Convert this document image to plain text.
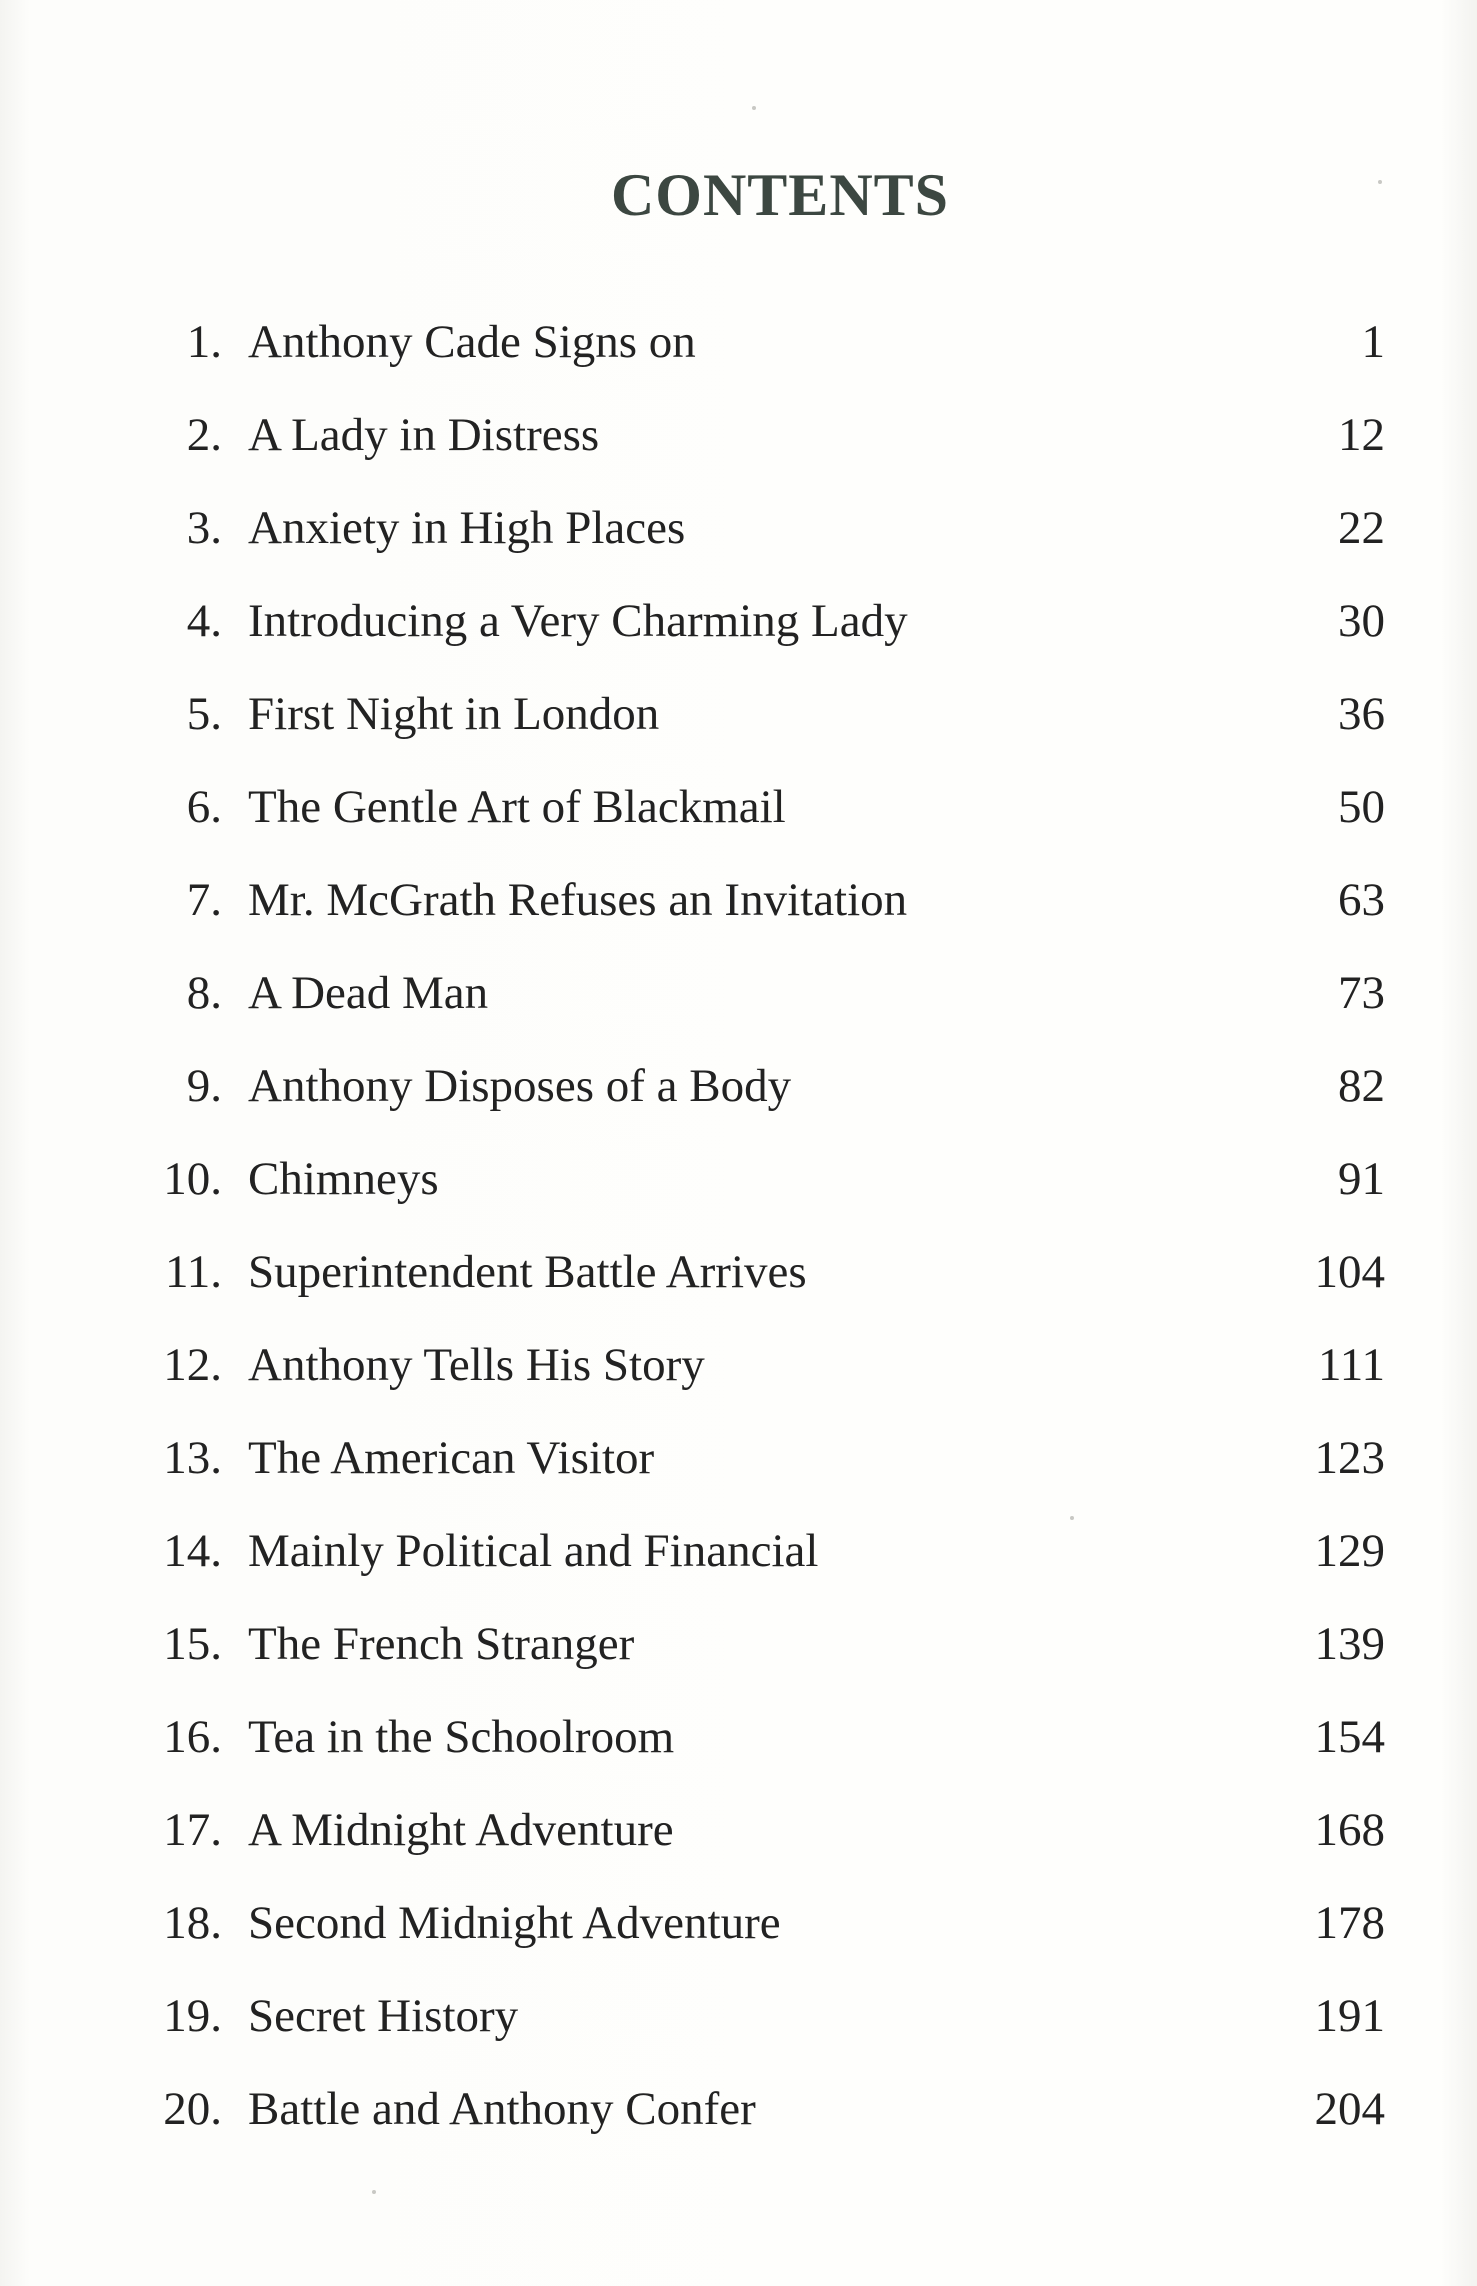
CONTENTS
1. Anthony Cade Signs on	1
2. A Lady in Distress	12
3. Anxiety in High Places	22
4. Introducing a Very Charming Lady	30
5. First Night in London	36
6. The Gentle Art of Blackmail	50
7. Mr. McGrath Refuses an Invitation	63
8. A Dead Man	73
9. Anthony Disposes of a Body	82
10. Chimneys	91
11. Superintendent Battle Arrives	104
12. Anthony Tells His Story	111
13. The American Visitor	123
14. Mainly Political and Financial	129
15. The French Stranger	139
16. Tea in the Schoolroom	154
17. A Midnight Adventure	168
18. Second Midnight Adventure	178
19. Secret History	191
20. Battle and Anthony Confer	204
